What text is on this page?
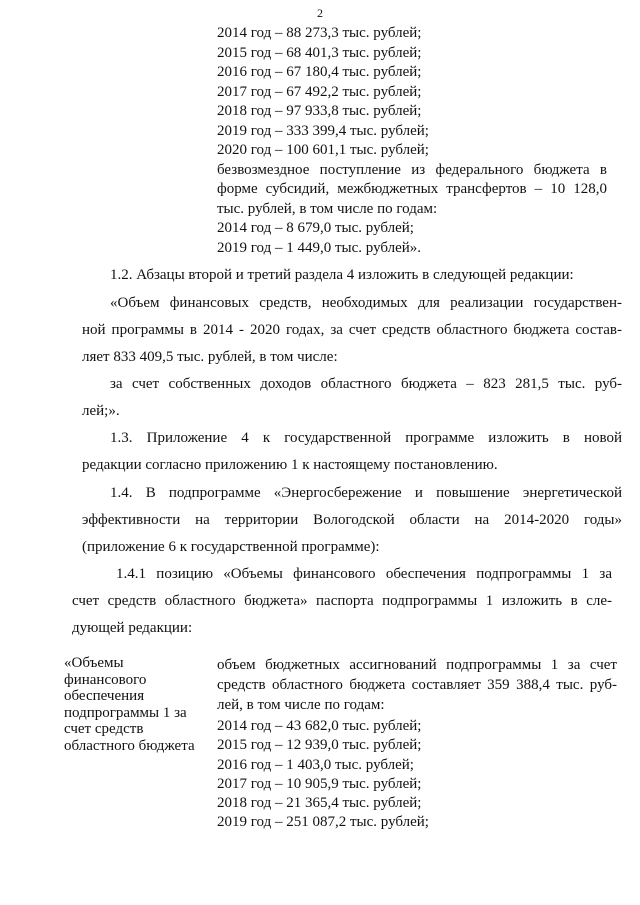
2
2014 год – 88 273,3 тыс. рублей;
2015 год – 68 401,3 тыс. рублей;
2016 год – 67 180,4 тыс. рублей;
2017 год – 67 492,2 тыс. рублей;
2018 год – 97 933,8 тыс. рублей;
2019 год – 333 399,4 тыс. рублей;
2020 год – 100 601,1 тыс. рублей;
безвозмездное поступление из федерального бюджета в
форме субсидий, межбюджетных трансфертов – 10 128,0
тыс. рублей, в том числе по годам:
2014 год – 8 679,0 тыс. рублей;
2019 год – 1 449,0 тыс. рублей».
1.2. Абзацы второй и третий раздела 4 изложить в следующей редакции:
«Объем финансовых средств, необходимых для реализации государствен-
ной программы в 2014 - 2020 годах, за счет средств областного бюджета состав-
ляет 833 409,5 тыс. рублей, в том числе:
за счет собственных доходов областного бюджета – 823 281,5 тыс. руб-
лей;».
1.3. Приложение 4 к государственной программе изложить в новой
редакции согласно приложению 1 к настоящему постановлению.
1.4. В подпрограмме «Энергосбережение и повышение энергетической
эффективности на территории Вологодской области на 2014-2020 годы»
(приложение 6 к государственной программе):
1.4.1 позицию «Объемы финансового обеспечения подпрограммы 1 за
счет средств областного бюджета» паспорта подпрограммы 1 изложить в сле-
дующей редакции:
«Объемы
финансового
обеспечения
подпрограммы 1 за
счет средств
областного бюджета
объем бюджетных ассигнований подпрограммы 1 за счет
средств областного бюджета составляет 359 388,4 тыс. руб-
лей, в том числе по годам:
2014 год – 43 682,0 тыс. рублей;
2015 год – 12 939,0 тыс. рублей;
2016 год – 1 403,0 тыс. рублей;
2017 год – 10 905,9 тыс. рублей;
2018 год – 21 365,4 тыс. рублей;
2019 год – 251 087,2 тыс. рублей;
